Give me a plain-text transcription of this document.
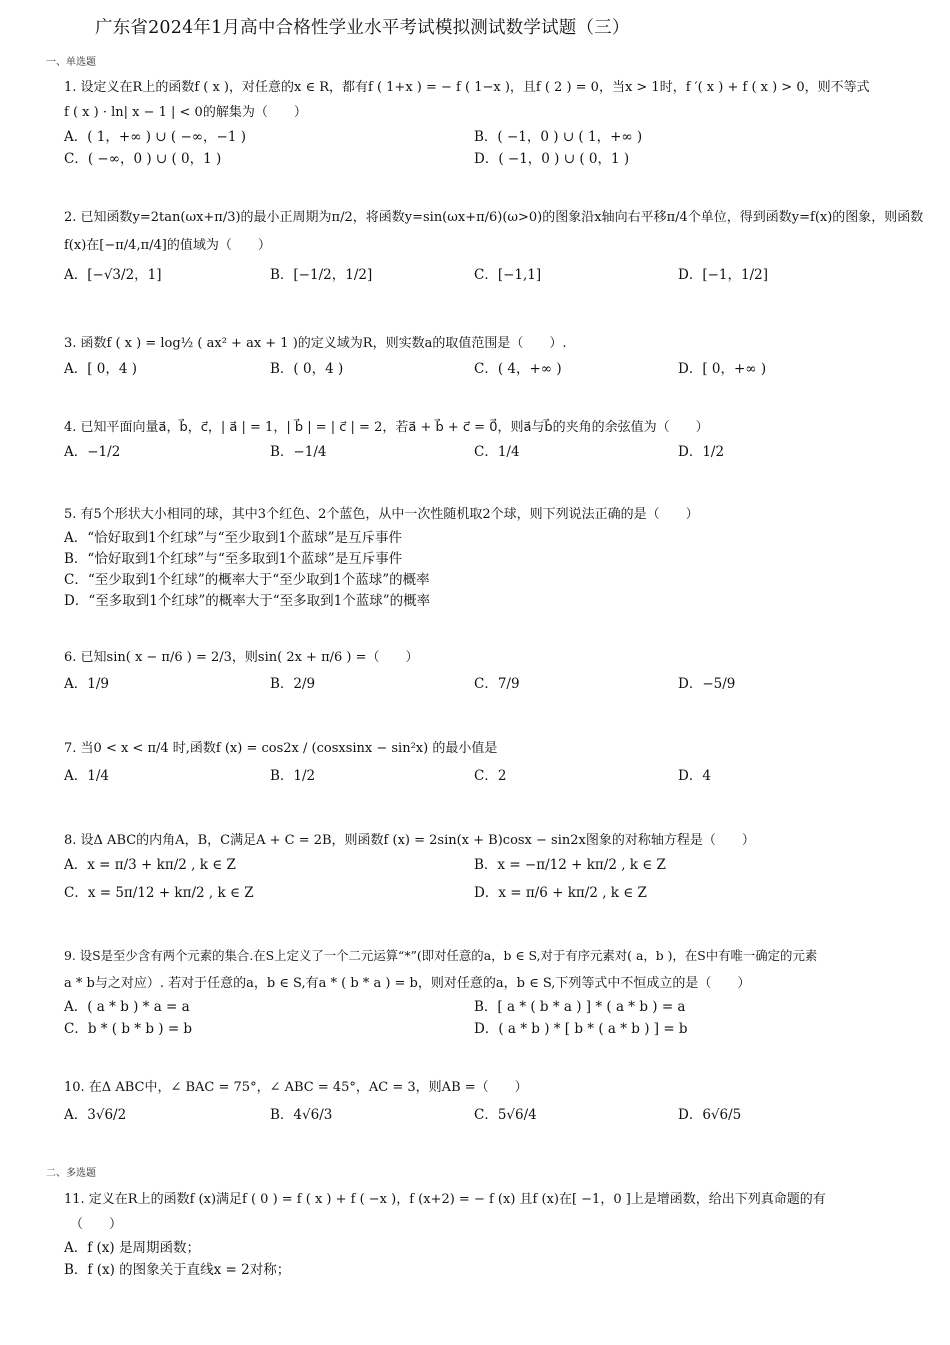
广东省2024年1月高中合格性学业水平考试模拟测试数学试题（三）
一、单选题
1. 设定义在R上的函数f ( x )，对任意的x ∈ R，都有f ( 1+x ) = − f ( 1−x )，且f ( 2 ) = 0，当x > 1时，f ′( x ) + f ( x ) > 0，则不等式
f ( x ) · ln| x − 1 | < 0的解集为（　　）
A．( 1，+∞ ) ∪ ( −∞，−1 )	B．( −1，0 ) ∪ ( 1，+∞ )
C．( −∞，0 ) ∪ ( 0，1 )	D．( −1，0 ) ∪ ( 0，1 )
2. 已知函数y=2tan(ωx+π/3)的最小正周期为π/2，将函数y=sin(ωx+π/6)(ω>0)的图象沿x轴向右平移π/4个单位，得到函数y=f(x)的图象，则函数
f(x)在[−π/4,π/4]的值域为（　　）
A．[−√3/2，1]	B．[−1/2，1/2]	C．[−1,1]	D．[−1，1/2]
3. 函数f ( x ) = log½ ( ax² + ax + 1 )的定义域为R，则实数a的取值范围是（　　）.
A．[ 0，4 )	B．( 0，4 )	C．( 4，+∞ )	D．[ 0，+∞ )
4. 已知平面向量a⃗，b⃗，c⃗，| a⃗ | = 1，| b⃗ | = | c⃗ | = 2，若a⃗ + b⃗ + c⃗ = 0⃗，则a⃗与b⃗的夹角的余弦值为（　　）
A．−1/2	B．−1/4	C．1/4	D．1/2
5. 有5个形状大小相同的球，其中3个红色、2个蓝色，从中一次性随机取2个球，则下列说法正确的是（　　）
A．“恰好取到1个红球”与“至少取到1个蓝球”是互斥事件
B．“恰好取到1个红球”与“至多取到1个蓝球”是互斥事件
C．“至少取到1个红球”的概率大于“至少取到1个蓝球”的概率
D．“至多取到1个红球”的概率大于“至多取到1个蓝球”的概率
6. 已知sin( x − π/6 ) = 2/3，则sin( 2x + π/6 ) =（　　）
A．1/9	B．2/9	C．7/9	D．−5/9
7. 当0 < x < π/4 时,函数f (x) = cos2x / (cosxsinx − sin²x) 的最小值是
A．1/4	B．1/2	C．2	D．4
8. 设Δ ABC的内角A，B，C满足A + C = 2B，则函数f (x) = 2sin(x + B)cosx − sin2x图象的对称轴方程是（　　）
A．x = π/3 + kπ/2 , k ∈ Z	B．x = −π/12 + kπ/2 , k ∈ Z
C．x = 5π/12 + kπ/2 , k ∈ Z	D．x = π/6 + kπ/2 , k ∈ Z
9. 设S是至少含有两个元素的集合.在S上定义了一个二元运算“*”(即对任意的a，b ∈ S,对于有序元素对( a，b )，在S中有唯一确定的元素
a * b与之对应）. 若对于任意的a，b ∈ S,有a * ( b * a ) = b，则对任意的a，b ∈ S,下列等式中不恒成立的是（　　）
A．( a * b ) * a = a	B．[ a * ( b * a ) ] * ( a * b ) = a
C．b * ( b * b ) = b	D．( a * b ) * [ b * ( a * b ) ] = b
10. 在Δ ABC中，∠ BAC = 75°，∠ ABC = 45°，AC = 3，则AB =（　　）
A．3√6/2	B．4√6/3	C．5√6/4	D．6√6/5
二、多选题
11. 定义在R上的函数f (x)满足f ( 0 ) = f ( x ) + f ( −x )，f (x+2) = − f (x) 且f (x)在[ −1，0 ]上是增函数，给出下列真命题的有
（　　）
A．f (x) 是周期函数；
B．f (x) 的图象关于直线x = 2对称；
